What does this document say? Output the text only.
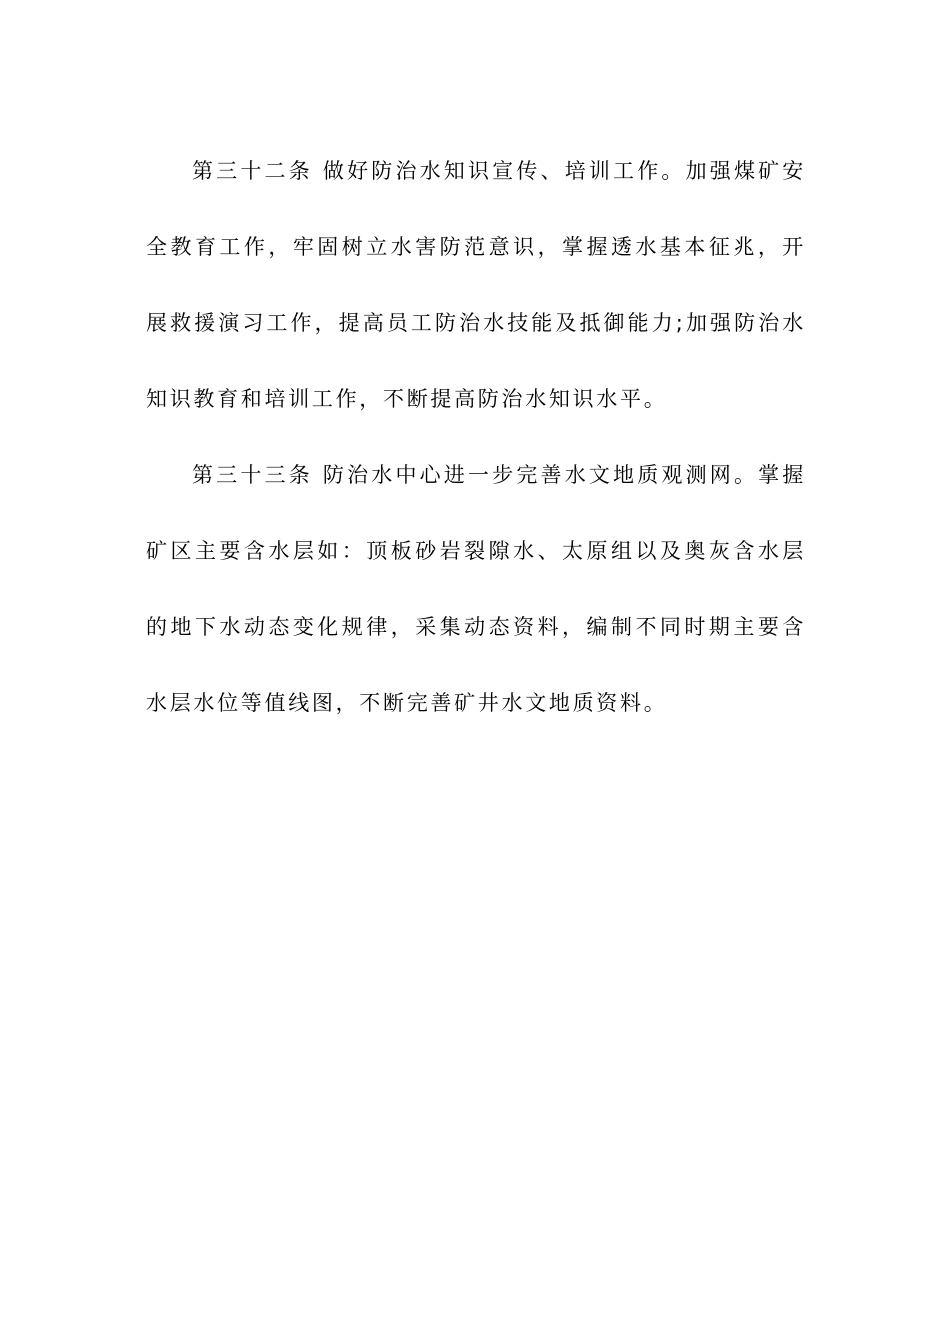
第三十二条 做好防治水知识宣传、培训工作。加强煤矿安全教育工作，牢固树立水害防范意识，掌握透水基本征兆，开展救援演习工作，提高员工防治水技能及抵御能力;加强防治水知识教育和培训工作，不断提高防治水知识水平。

第三十三条 防治水中心进一步完善水文地质观测网。掌握矿区主要含水层如：顶板砂岩裂隙水、太原组以及奥灰含水层的地下水动态变化规律，采集动态资料，编制不同时期主要含水层水位等值线图，不断完善矿井水文地质资料。
